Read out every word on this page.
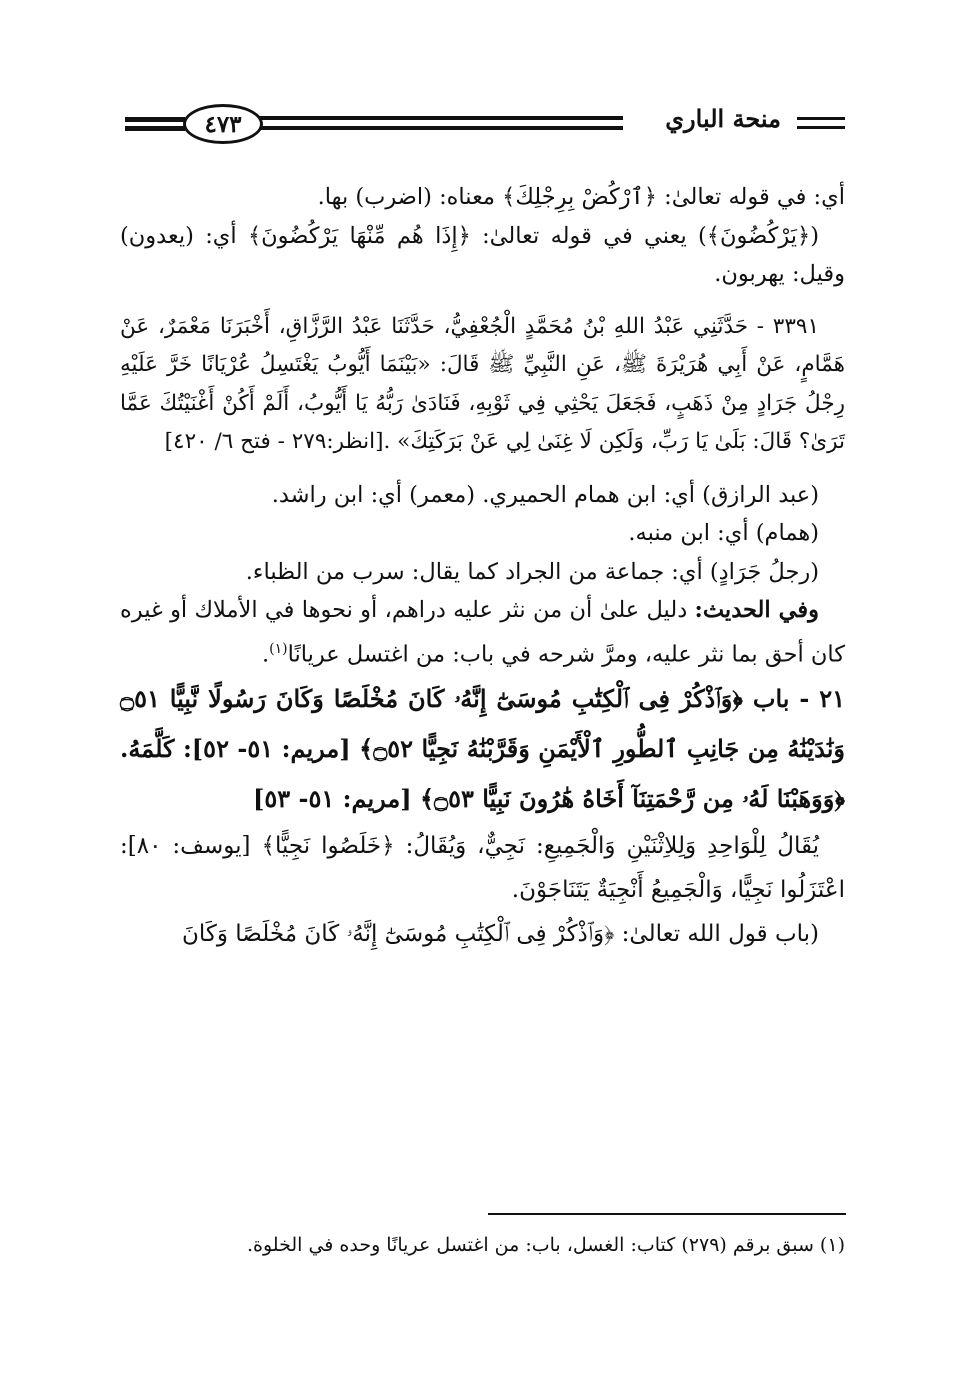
٤٧٣	منحة الباري

أي: في قوله تعالىٰ: ﴿ٱرْكُضْ بِرِجْلِكَ﴾ معناه: (اضرب) بها.

(﴿يَرْكُضُونَ﴾) يعني في قوله تعالىٰ: ﴿إِذَا هُم مِّنْهَا يَرْكُضُونَ﴾ أي: (يعدون) وقيل: يهربون.

٣٣٩١ - حَدَّثَنِي عَبْدُ اللهِ بْنُ مُحَمَّدٍ الْجُعْفِيُّ، حَدَّثَنَا عَبْدُ الرَّزَّاقِ، أَخْبَرَنَا مَعْمَرٌ، عَنْ هَمَّامٍ، عَنْ أَبِي هُرَيْرَةَ ﷺ، عَنِ النَّبِيِّ ﷺ قَالَ: «بَيْنَمَا أَيُّوبُ يَغْتَسِلُ عُرْيَانًا خَرَّ عَلَيْهِ رِجْلُ جَرَادٍ مِنْ ذَهَبٍ، فَجَعَلَ يَحْثِي فِي ثَوْبِهِ، فَنَادَىٰ رَبُّهُ يَا أَيُّوبُ، أَلَمْ أَكُنْ أَغْنَيْتُكَ عَمَّا تَرَىٰ؟ قَالَ: بَلَىٰ يَا رَبِّ، وَلَكِن لَا غِنَىٰ لِي عَنْ بَرَكَتِكَ» .[انظر:٢٧٩ - فتح ٦/ ٤٢٠]

(عبد الرازق) أي: ابن همام الحميري. (معمر) أي: ابن راشد.

(همام) أي: ابن منبه.

(رجلُ جَرَادٍ) أي: جماعة من الجراد كما يقال: سرب من الظباء.

وفي الحديث: دليل علىٰ أن من نثر عليه دراهم، أو نحوها في الأملاك أو غيره كان أحق بما نثر عليه، ومرَّ شرحه في باب: من اغتسل عريانًا$^{(١)}$.

٢١ - باب ﴿وَٱذْكُرْ فِى ٱلْكِتَٰبِ مُوسَىٰٓ إِنَّهُۥ كَانَ مُخْلَصًا وَكَانَ رَسُولًا نَّبِيًّا ۝٥١ وَنَٰدَيْنَٰهُ مِن جَانِبِ ٱلطُّورِ ٱلْأَيْمَنِ وَقَرَّبْنَٰهُ نَجِيًّا ۝٥٢﴾ [مريم: ٥١- ٥٢]: كَلَّمَهُ. ﴿وَوَهَبْنَا لَهُۥ مِن رَّحْمَتِنَآ أَخَاهُ هَٰرُونَ نَبِيًّا ۝٥٣﴾ [مريم: ٥١- ٥٣]

يُقَالُ لِلْوَاحِدِ وَلِلاِثْنَيْنِ وَالْجَمِيعِ: نَجِيٌّ، وَيُقَالُ: ﴿خَلَصُوا نَجِيًّا﴾ [يوسف: ٨٠]: اعْتَزَلُوا نَجِيًّا، وَالْجَمِيعُ أَنْجِيَةٌ يَتَنَاجَوْنَ.

(باب قول الله تعالىٰ: ﴿وَٱذْكُرْ فِى ٱلْكِتَٰبِ مُوسَىٰٓ إِنَّهُۥ كَانَ مُخْلَصًا وَكَانَ

(١) سبق برقم (٢٧٩) كتاب: الغسل، باب: من اغتسل عريانًا وحده في الخلوة.
